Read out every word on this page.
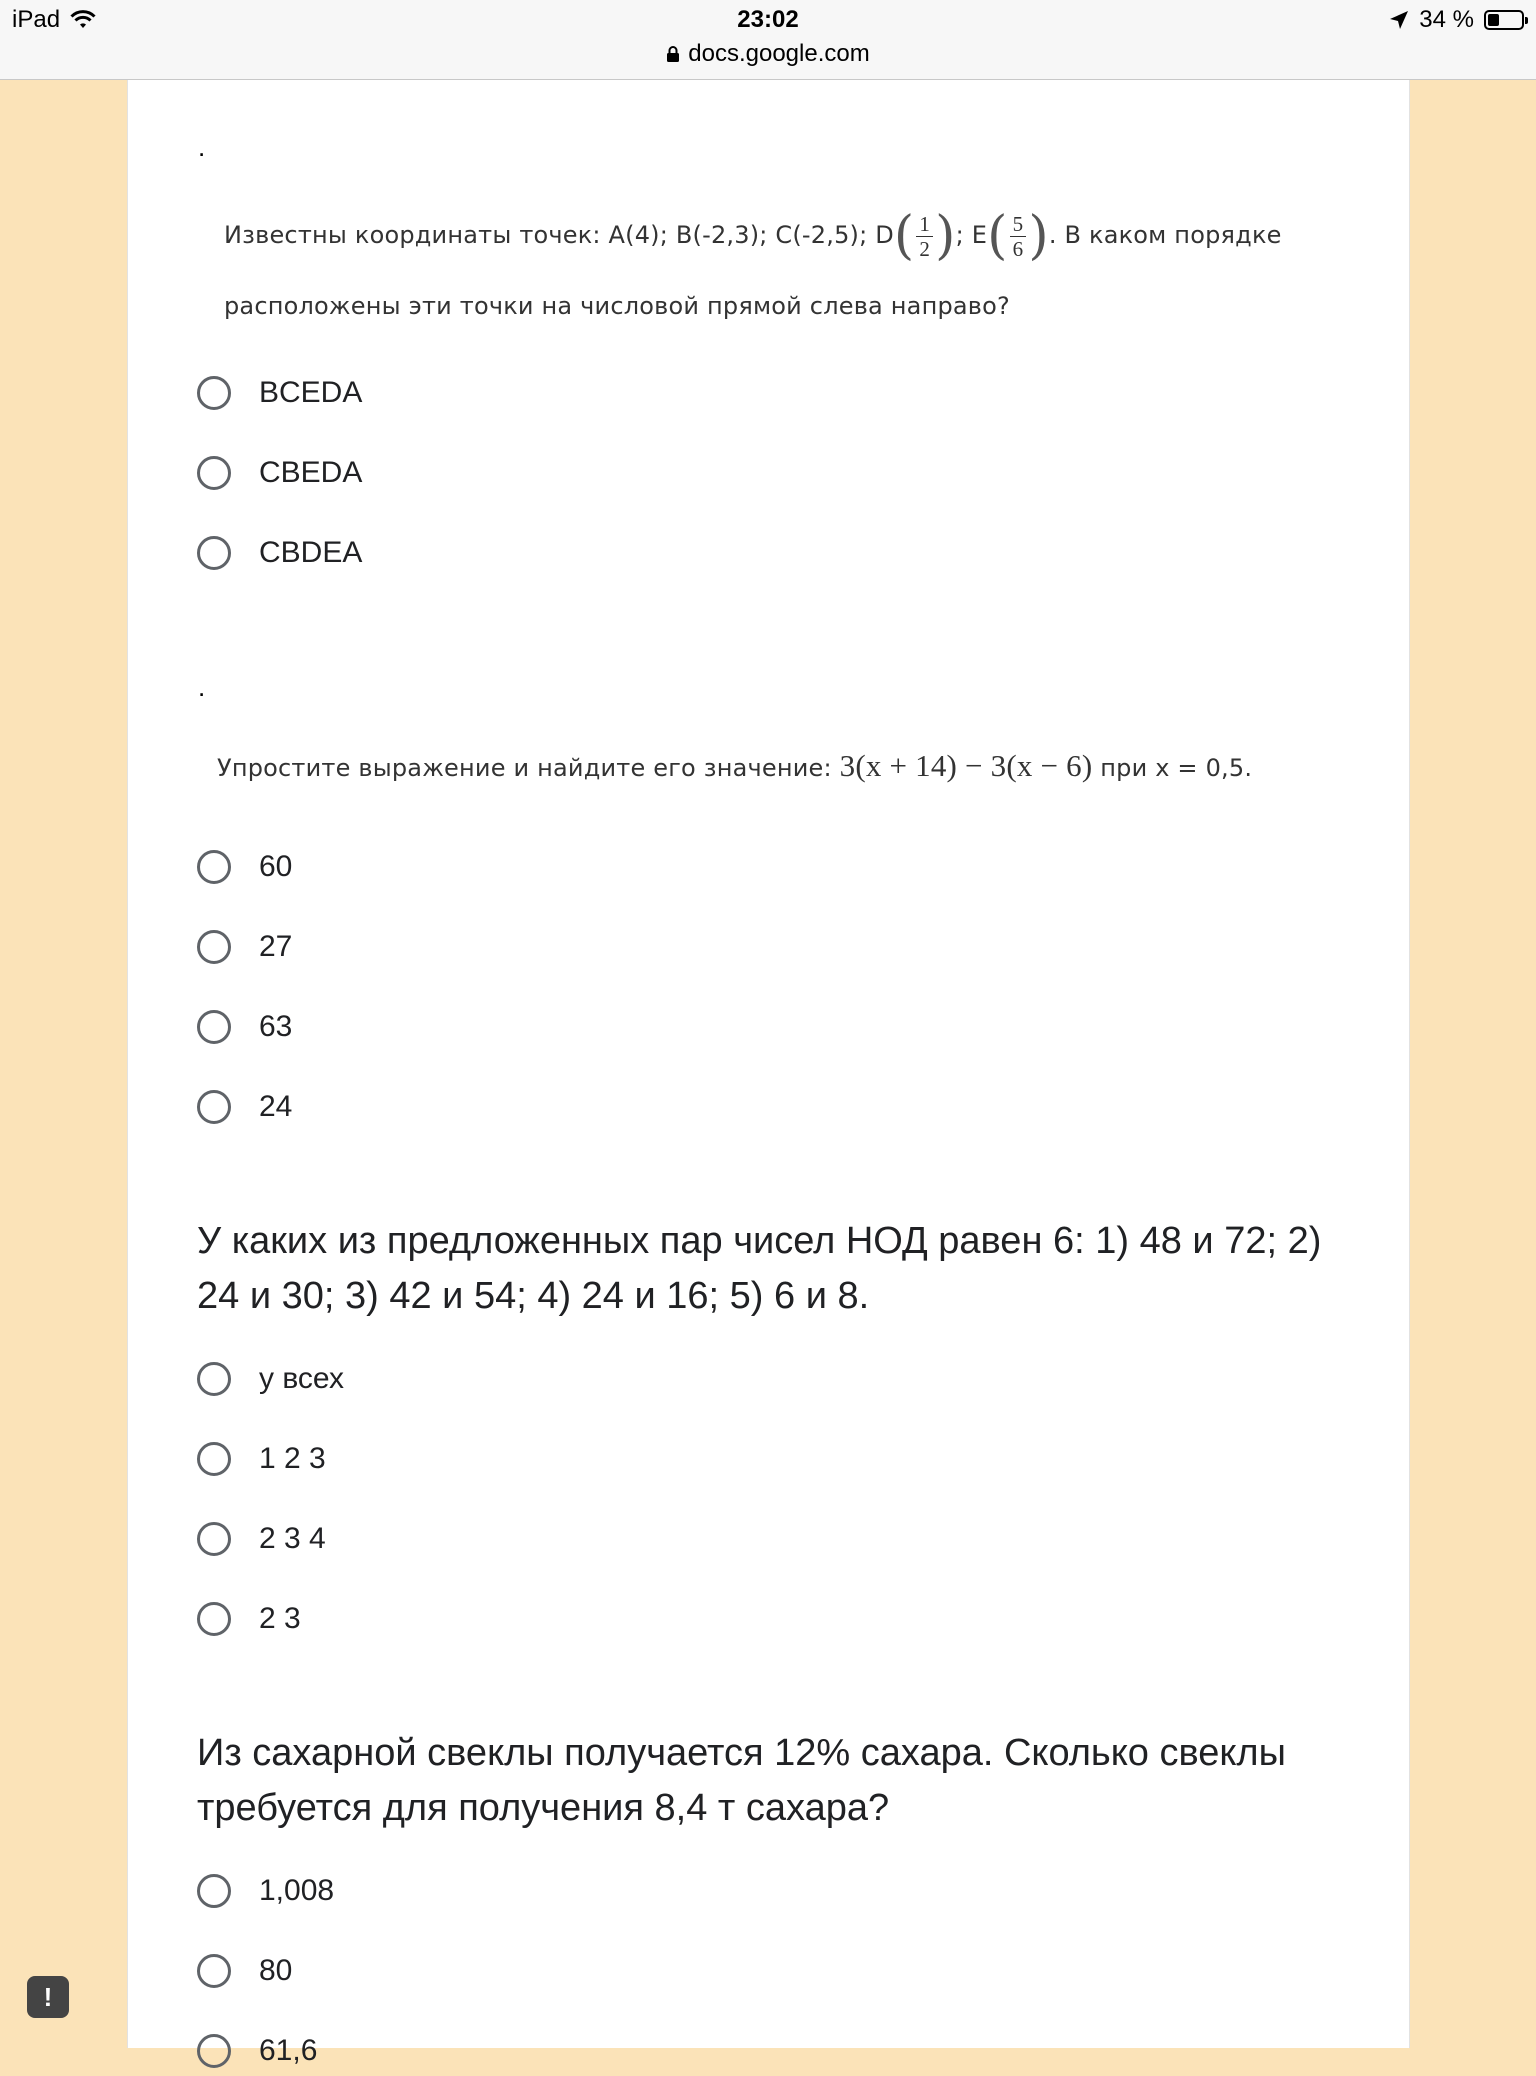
iPad	23:02	34 %
docs.google.com
.
Известны координаты точек: А(4); В(-2,3); С(-2,5); $D( \frac{1}{2}$ ); $E( \frac{5}{6}$ ). В каком порядке
расположены эти точки на числовой прямой слева направо?
BCEDA
CBEDA
CBDEA
.
Упростите выражение и найдите его значение: 3(x + 14) − 3(x − 6) при х = 0,5.
60
27
63
24
У каких из предложенных пар чисел НОД равен 6: 1) 48 и 72; 2) 24 и 30; 3) 42 и 54; 4) 24 и 16; 5) 6 и 8.
у всех
1 2 3
2 3 4
2 3
Из сахарной свеклы получается 12% сахара. Сколько свеклы требуется для получения 8,4 т сахара?
1,008
80
61,6
!
